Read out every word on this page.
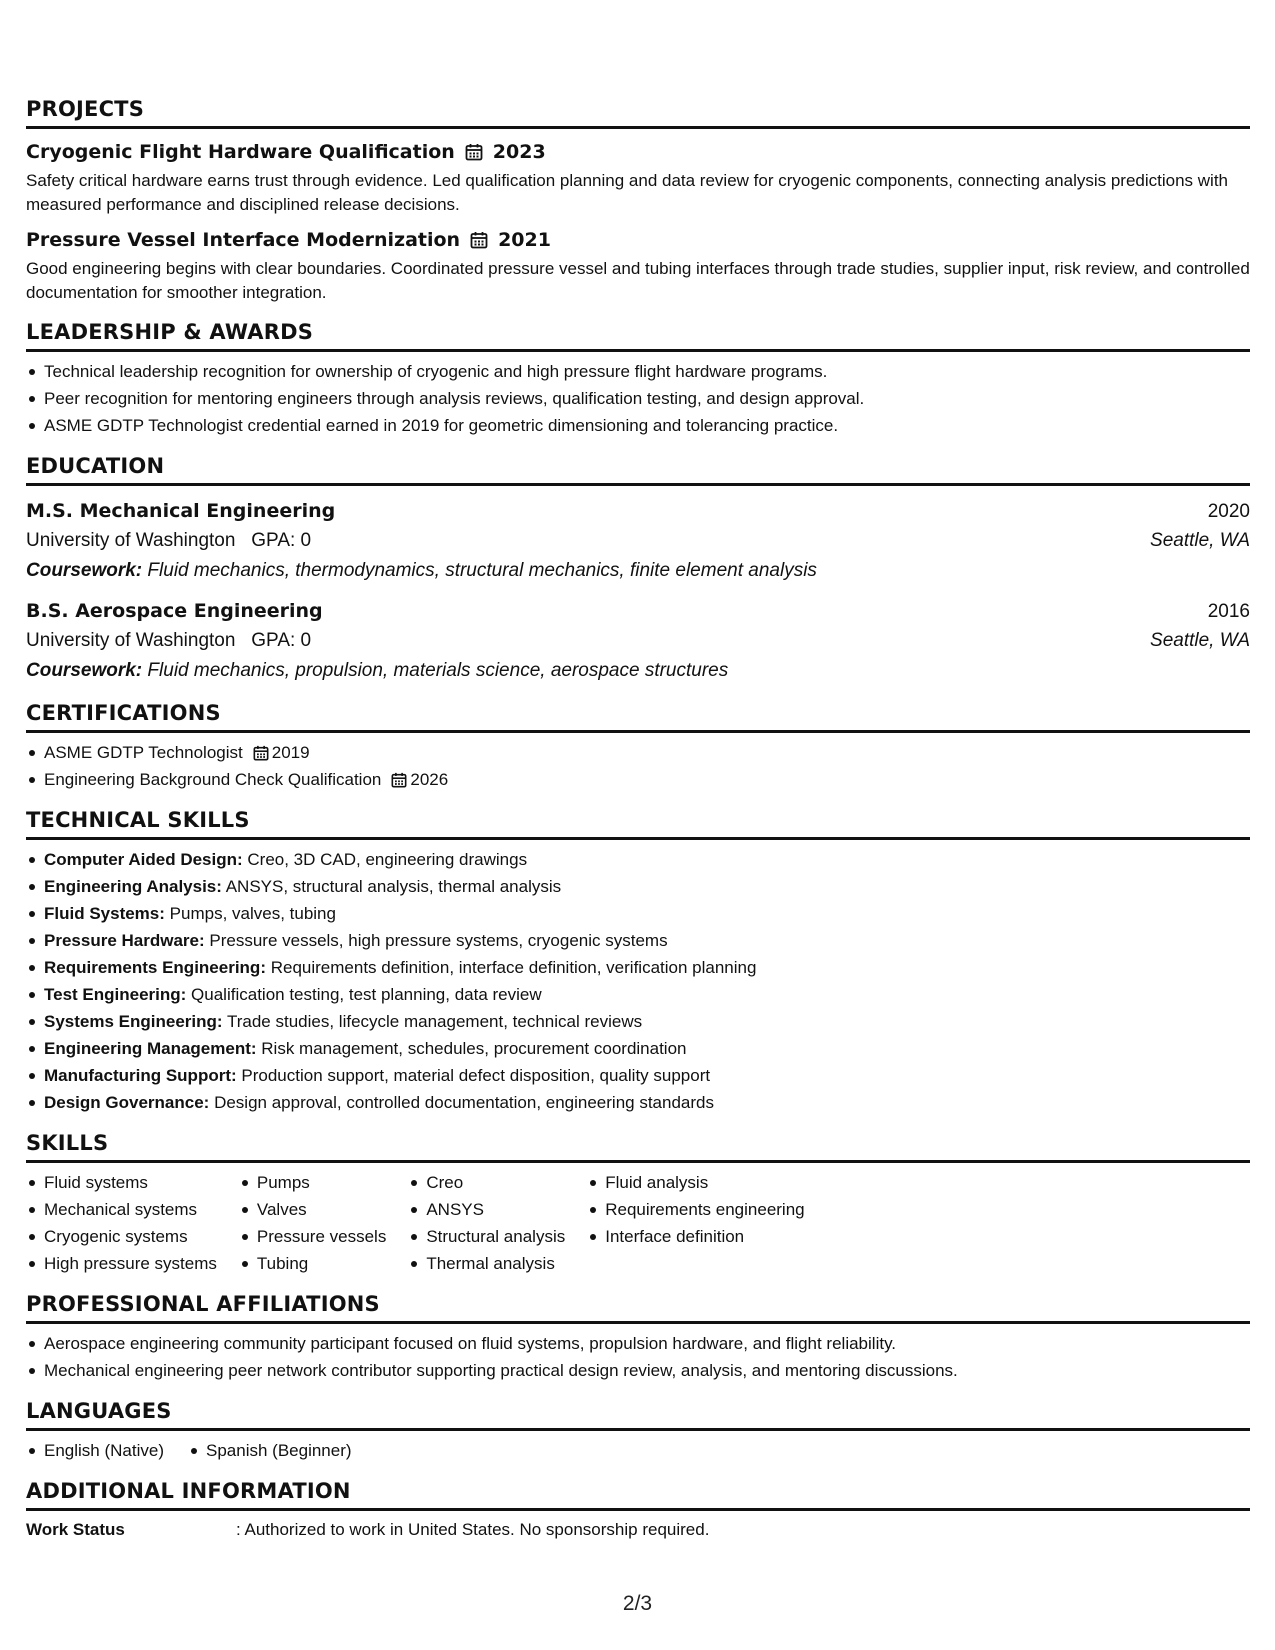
PROJECTS
Cryogenic Flight Hardware Qualification 2023
Safety critical hardware earns trust through evidence. Led qualification planning and data review for cryogenic components, connecting analysis predictions with measured performance and disciplined release decisions.
Pressure Vessel Interface Modernization 2021
Good engineering begins with clear boundaries. Coordinated pressure vessel and tubing interfaces through trade studies, supplier input, risk review, and controlled documentation for smoother integration.
LEADERSHIP & AWARDS
Technical leadership recognition for ownership of cryogenic and high pressure flight hardware programs.
Peer recognition for mentoring engineers through analysis reviews, qualification testing, and design approval.
ASME GDTP Technologist credential earned in 2019 for geometric dimensioning and tolerancing practice.
EDUCATION
M.S. Mechanical Engineering	2020
University of Washington GPA: 0	Seattle, WA
Coursework: Fluid mechanics, thermodynamics, structural mechanics, finite element analysis
B.S. Aerospace Engineering	2016
University of Washington GPA: 0	Seattle, WA
Coursework: Fluid mechanics, propulsion, materials science, aerospace structures
CERTIFICATIONS
ASME GDTP Technologist 2019
Engineering Background Check Qualification 2026
TECHNICAL SKILLS
Computer Aided Design: Creo, 3D CAD, engineering drawings
Engineering Analysis: ANSYS, structural analysis, thermal analysis
Fluid Systems: Pumps, valves, tubing
Pressure Hardware: Pressure vessels, high pressure systems, cryogenic systems
Requirements Engineering: Requirements definition, interface definition, verification planning
Test Engineering: Qualification testing, test planning, data review
Systems Engineering: Trade studies, lifecycle management, technical reviews
Engineering Management: Risk management, schedules, procurement coordination
Manufacturing Support: Production support, material defect disposition, quality support
Design Governance: Design approval, controlled documentation, engineering standards
SKILLS
Fluid systems
Mechanical systems
Cryogenic systems
High pressure systems
Pumps
Valves
Pressure vessels
Tubing
Creo
ANSYS
Structural analysis
Thermal analysis
Fluid analysis
Requirements engineering
Interface definition
PROFESSIONAL AFFILIATIONS
Aerospace engineering community participant focused on fluid systems, propulsion hardware, and flight reliability.
Mechanical engineering peer network contributor supporting practical design review, analysis, and mentoring discussions.
LANGUAGES
English (Native) Spanish (Beginner)
ADDITIONAL INFORMATION
Work Status	: Authorized to work in United States. No sponsorship required.
2/3
